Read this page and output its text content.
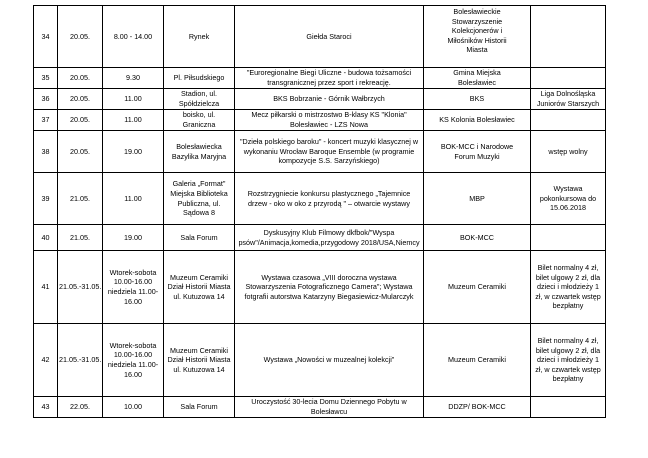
34	20.05.	8.00 - 14.00	Rynek	Giełda Staroci	Bolesławieckie
Stowarzyszenie
Kolekcjonerów i
Miłośników Historii
Miasta	

35	20.05.	9.30	Pl. Piłsudskiego	"Euroregionalne Biegi Uliczne - budowa tożsamości
transgranicznej przez sport i rekreację.	Gmina Miejska
Bolesławiec	

36	20.05.	11.00	Stadion, ul.
Spółdzielcza	BKS Bobrzanie - Górnik Wałbrzych	BKS	Liga Dolnośląska
Juniorów Starszych

37	20.05.	11.00	boisko, ul.
Graniczna	Mecz piłkarski o mistrzostwo B-klasy KS "Klonia"
Bolesławiec - LZS Nowa	KS Kolonia Bolesławiec	
38	20.05.	19.00	Bolesławiecka
Bazylika Maryjna	"Dzieła polskiego baroku" - koncert muzyki klasycznej w
wykonaniu Wrocław Baroque Ensemble (w programie
kompozycje S.S. Sarzyńskiego)	BOK-MCC i Narodowe
Forum Muzyki	wstęp wolny
39	21.05.	11.00	Galeria „Format"
Miejska Biblioteka
Publiczna, ul.
Sądowa 8	Rozstrzygniecie konkursu plastycznego „Tajemnice
drzew - oko w oko z przyrodą " – otwarcie wystawy	MBP	Wystawa
pokonkursowa do
15.06.2018

40	21.05.	19.00	Sala Forum	Dyskusyjny Klub Filmowy dkfbok/"Wyspa
psów"/Animacja,komedia,przygodowy 2018/USA,Niemcy	BOK-MCC	
41	21.05.-31.05.	Wtorek-sobota
10.00-16.00
niedziela 11.00-
16.00	Muzeum Ceramiki
Dział Historii Miasta
ul. Kutuzowa 14	Wystawa czasowa „VIII doroczna wystawa
Stowarzyszenia Fotograficznego Camera"; Wystawa
fotgrafii autorstwa Katarzyny Biegasiewicz-Mularczyk	Muzeum Ceramiki	Bilet normalny 4 zł,
bilet ulgowy 2 zł, dla
dzieci i młodzieży 1
zł, w czwartek wstęp
bezpłatny

42	21.05.-31.05.	Wtorek-sobota
10.00-16.00
niedziela 11.00-
16.00	Muzeum Ceramiki
Dział Historii Miasta
ul. Kutuzowa 14	Wystawa „Nowości w muzealnej kolekcji"	Muzeum Ceramiki	Bilet normalny 4 zł,
bilet ulgowy 2 zł, dla
dzieci i młodzieży 1
zł, w czwartek wstęp
bezpłatny

43	22.05.	10.00	Sala Forum	Uroczystość 30-lecia Domu Dziennego Pobytu w
Bolesławcu	DDZP/ BOK-MCC	
